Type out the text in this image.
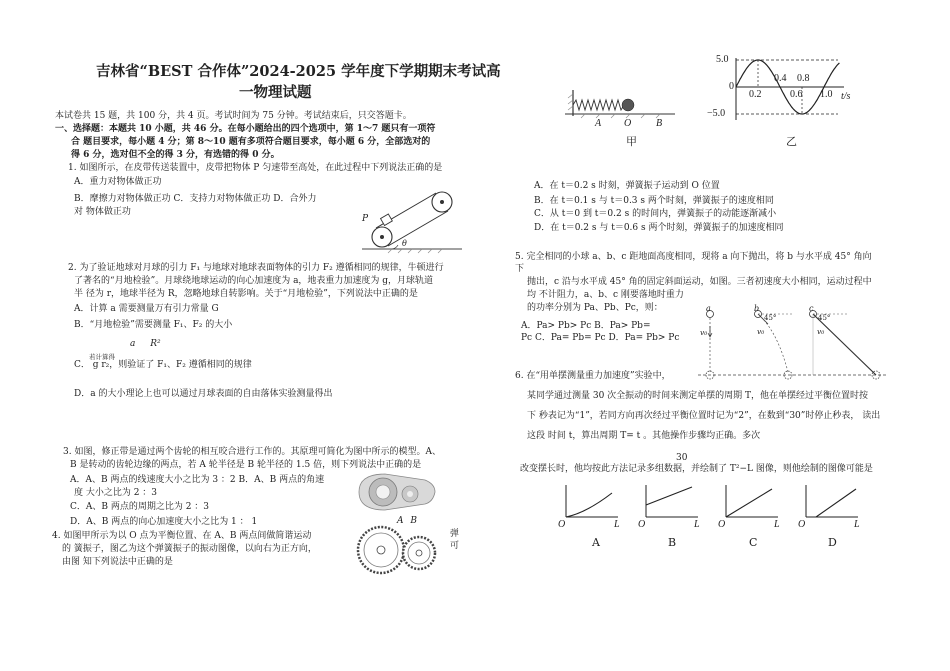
吉林省“BEST 合作体”2024-2025 学年度下学期期末考试高
一物理试题
本试卷共 15 题，共 100 分，共 4 页。考试时间为 75 分钟。考试结束后，只交答题卡。
一、选择题：本题共 10 小题，共 46 分。在每小题给出的四个选项中，第 1～7 题只有一项符
合 题目要求，每小题 4 分；第 8～10 题有多项符合题目要求，每小题 6 分，全部选对的
得 6 分，选对但不全的得 3 分，有选错的得 0 分。
1. 如图所示，在皮带传送装置中，皮带把物体 P 匀速带至高处，在此过程中下列说法正确的是
A．重力对物体做正功
B．摩擦力对物体做正功 C．支持力对物体做正功 D．合外力
对 物体做正功
P
θ
2. 为了验证地球对月球的引力 F₁ 与地球对地球表面物体的引力 F₂ 遵循相同的规律，牛顿进行
了著名的“月地检验”。月球绕地球运动的向心加速度为 a，地表重力加速度为 g，月球轨道
半 径为 r，地球半径为 R，忽略地球自转影响。关于“月地检验”，下列说法中正确的是
A．计算 a 需要测量万有引力常量 G
B．“月地检验”需要测量 F₁、F₂ 的大小
a R²
若计算得
C． g r₂，则验证了 F₁、F₂ 遵循相同的规律
D．a 的大小理论上也可以通过月球表面的自由落体实验测量得出
3. 如图，修正带是通过两个齿轮的相互咬合进行工作的。其原理可简化为图中所示的模型。A、
B 是转动的齿轮边缘的两点，若 A 轮半径是 B 轮半径的 1.5 倍，则下列说法中正确的是
A．A、B 两点的线速度大小之比为 3 ：2 B．A、B 两点的角速
度 大小之比为 2 ：3
C．A、B 两点的周期之比为 2 ：3
D．A、B 两点的向心加速度大小之比为 1 ： 1	A B
4. 如图甲所示为以 O 点为平衡位置、在 A、B 两点间做简谐运动
的 簧振子，图乙为这个弹簧振子的振动图像，以向右为正方向，
由图 知下列说法中正确的是
弹 可
A O B
甲
5.0
0
−5.0
0.2
0.4
0.6
0.8
1.0 t/s
乙
A．在 t＝0.2 s 时刻，弹簧振子运动到 O 位置
B．在 t＝0.1 s 与 t＝0.3 s 两个时刻，弹簧振子的速度相同
C．从 t＝0 到 t＝0.2 s 的时间内，弹簧振子的动能逐渐减小
D．在 t＝0.2 s 与 t＝0.6 s 两个时刻，弹簧振子的加速度相同
5. 完全相同的小球 a、b、c 距地面高度相同，现将 a 向下抛出，将 b 与水平成 45° 角向
下
抛出，c 沿与水平成 45° 角的固定斜面运动，如图。三者初速度大小相同，运动过程中
均 不计阻力，a、b、c 刚要落地时重力
的功率分别为 Pa、Pb、Pc，则：
A．Pa> Pb> Pc B．Pa> Pb=
Pc C．Pa= Pb= Pc D．Pa= Pb> Pc
a	b	c
v₀	v₀	v₀
45°	45°
6. 在“用单摆测量重力加速度”实验中，
某同学通过测量 30 次全振动的时间来测定单摆的周期 T，他在单摆经过平衡位置时按
下 秒表记为“1”，若同方向再次经过平衡位置时记为“2”，在数到“30”时停止秒表， 读出
这段 时间 t，算出周期 T= t 。其他操作步骤均正确。多次
30
改变摆长时，他均按此方法记录多组数据，并绘制了 T²−L 图像，则他绘制的图像可能是
O	L O	L O	L O	L
A	B	C	D
